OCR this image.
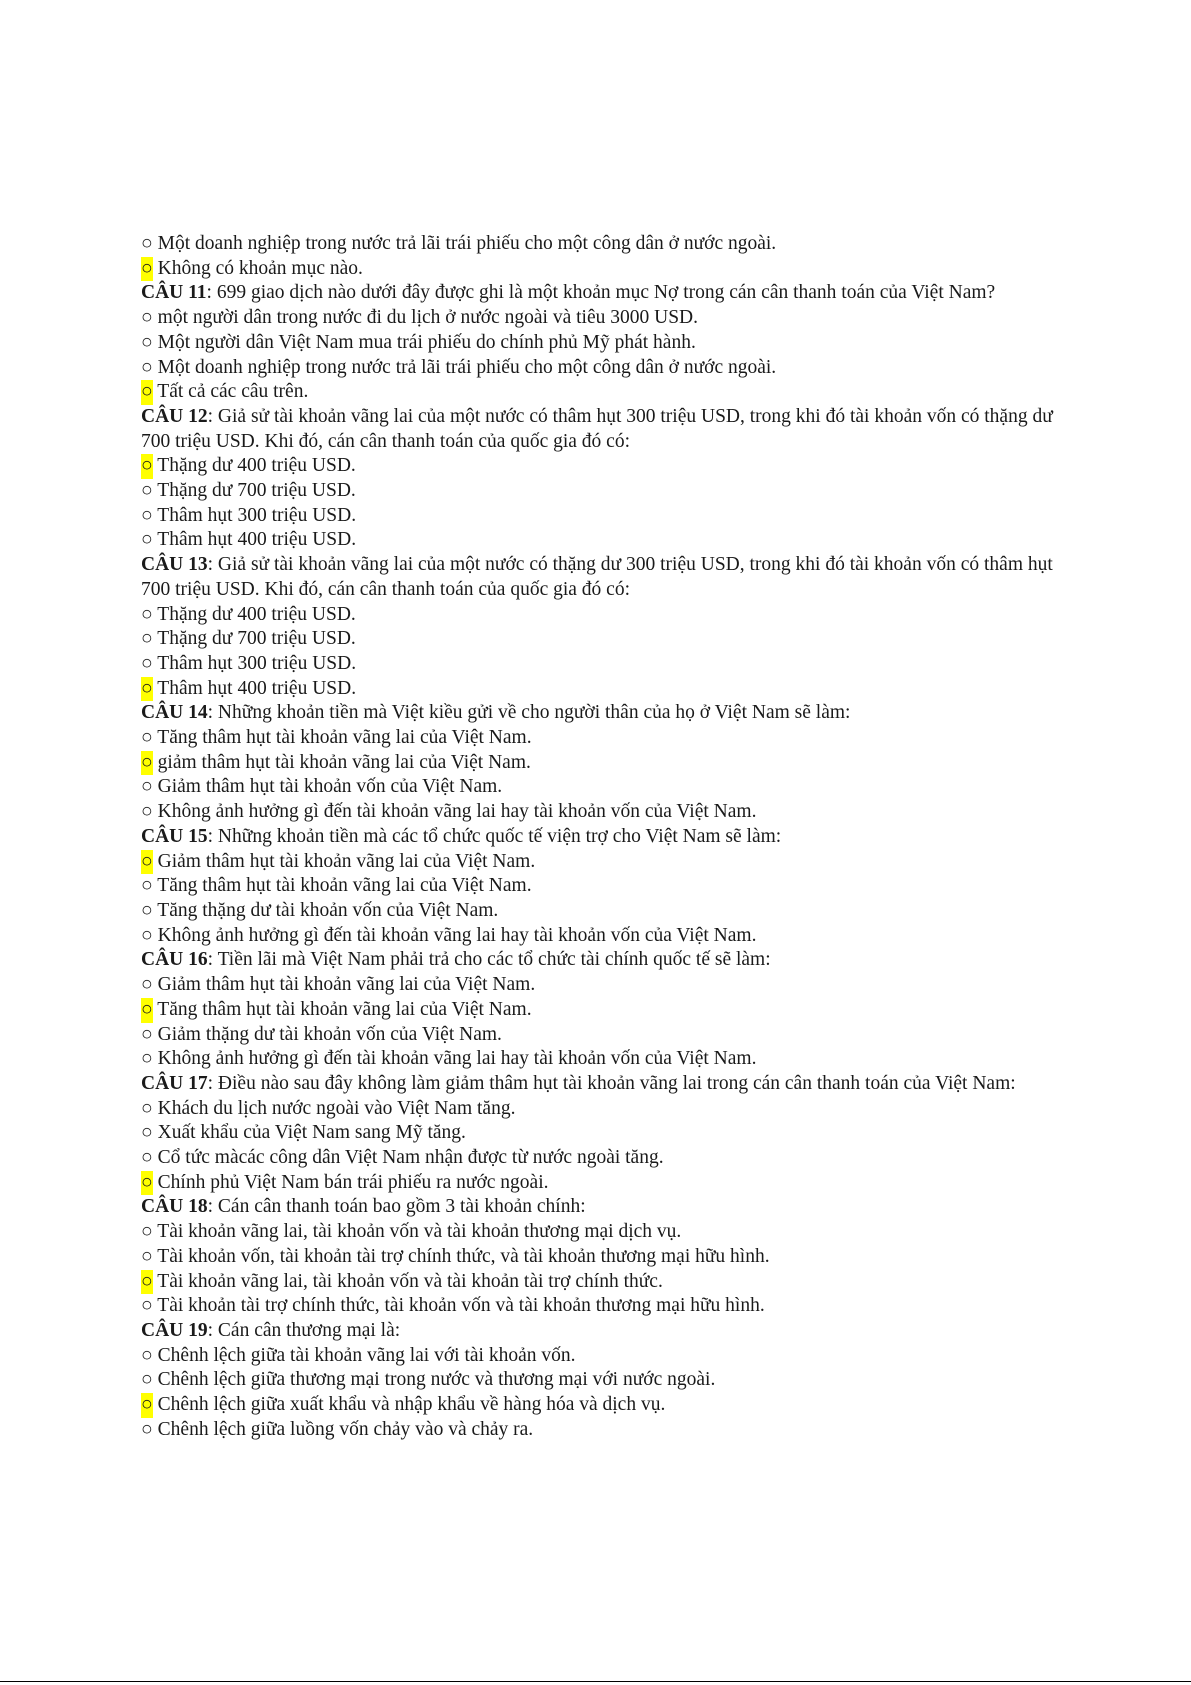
○ Một doanh nghiệp trong nước trả lãi trái phiếu cho một công dân ở nước ngoài.
○ Không có khoản mục nào.
CÂU 11: 699 giao dịch nào dưới đây được ghi là một khoản mục Nợ trong cán cân thanh toán của Việt Nam?
○ một người dân trong nước đi du lịch ở nước ngoài và tiêu 3000 USD.
○ Một người dân Việt Nam mua trái phiếu do chính phủ Mỹ phát hành.
○ Một doanh nghiệp trong nước trả lãi trái phiếu cho một công dân ở nước ngoài.
○ Tất cả các câu trên.
CÂU 12: Giả sử tài khoản vãng lai của một nước có thâm hụt 300 triệu USD, trong khi đó tài khoản vốn có thặng dư 700 triệu USD. Khi đó, cán cân thanh toán của quốc gia đó có:
○ Thặng dư 400 triệu USD.
○ Thặng dư 700 triệu USD.
○ Thâm hụt 300 triệu USD.
○ Thâm hụt 400 triệu USD.
CÂU 13: Giả sử tài khoản vãng lai của một nước có thặng dư 300 triệu USD, trong khi đó tài khoản vốn có thâm hụt 700 triệu USD. Khi đó, cán cân thanh toán của quốc gia đó có:
○ Thặng dư 400 triệu USD.
○ Thặng dư 700 triệu USD.
○ Thâm hụt 300 triệu USD.
○ Thâm hụt 400 triệu USD.
CÂU 14: Những khoản tiền mà Việt kiều gửi về cho người thân của họ ở Việt Nam sẽ làm:
○ Tăng thâm hụt tài khoản vãng lai của Việt Nam.
○ giảm thâm hụt tài khoản vãng lai của Việt Nam.
○ Giảm thâm hụt tài khoản vốn của Việt Nam.
○ Không ảnh hưởng gì đến tài khoản vãng lai hay tài khoản vốn của Việt Nam.
CÂU 15: Những khoản tiền mà các tổ chức quốc tế viện trợ cho Việt Nam sẽ làm:
○ Giảm thâm hụt tài khoản vãng lai của Việt Nam.
○ Tăng thâm hụt tài khoản vãng lai của Việt Nam.
○ Tăng thặng dư tài khoản vốn của Việt Nam.
○ Không ảnh hưởng gì đến tài khoản vãng lai hay tài khoản vốn của Việt Nam.
CÂU 16: Tiền lãi mà Việt Nam phải trả cho các tổ chức tài chính quốc tế sẽ làm:
○ Giảm thâm hụt tài khoản vãng lai của Việt Nam.
○ Tăng thâm hụt tài khoản vãng lai của Việt Nam.
○ Giảm thặng dư tài khoản vốn của Việt Nam.
○ Không ảnh hưởng gì đến tài khoản vãng lai hay tài khoản vốn của Việt Nam.
CÂU 17: Điều nào sau đây không làm giảm thâm hụt tài khoản vãng lai trong cán cân thanh toán của Việt Nam:
○ Khách du lịch nước ngoài vào Việt Nam tăng.
○ Xuất khẩu của Việt Nam sang Mỹ tăng.
○ Cổ tức màcác công dân Việt Nam nhận được từ nước ngoài tăng.
○ Chính phủ Việt Nam bán trái phiếu ra nước ngoài.
CÂU 18: Cán cân thanh toán bao gồm 3 tài khoản chính:
○ Tài khoản vãng lai, tài khoản vốn và tài khoản thương mại dịch vụ.
○ Tài khoản vốn, tài khoản tài trợ chính thức, và tài khoản thương mại hữu hình.
○ Tài khoản vãng lai, tài khoản vốn và tài khoản tài trợ chính thức.
○ Tài khoản tài trợ chính thức, tài khoản vốn và tài khoản thương mại hữu hình.
CÂU 19: Cán cân thương mại là:
○ Chênh lệch giữa tài khoản vãng lai với tài khoản vốn.
○ Chênh lệch giữa thương mại trong nước và thương mại với nước ngoài.
○ Chênh lệch giữa xuất khẩu và nhập khẩu về hàng hóa và dịch vụ.
○ Chênh lệch giữa luồng vốn chảy vào và chảy ra.
